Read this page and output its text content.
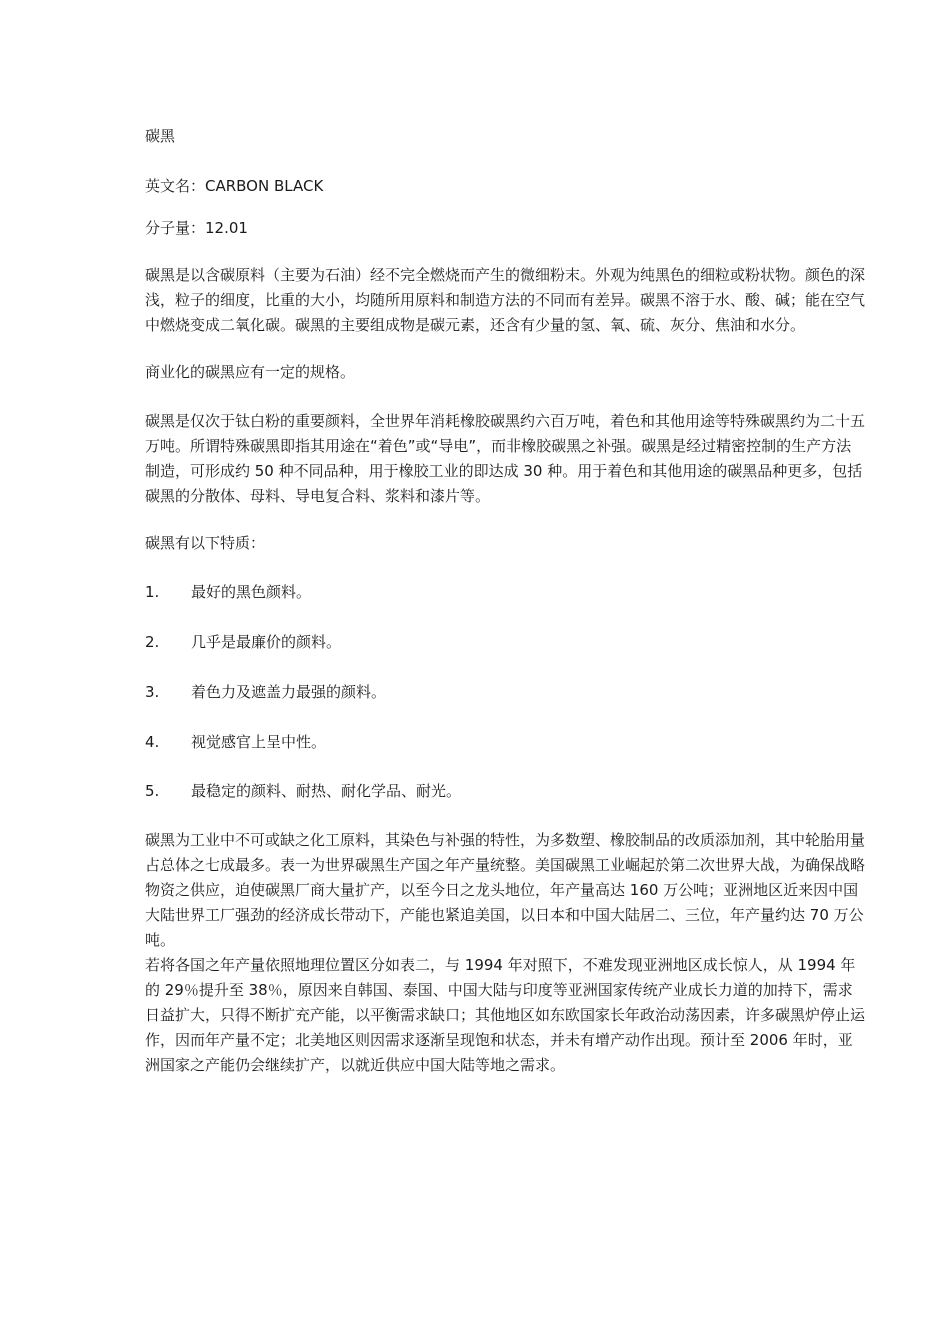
碳黑

英文名：CARBON BLACK

分子量：12.01

碳黑是以含碳原料（主要为石油）经不完全燃烧而产生的微细粉末。外观为纯黑色的细粒或粉状物。颜色的深浅，粒子的细度，比重的大小，均随所用原料和制造方法的不同而有差异。碳黑不溶于水、酸、碱；能在空气中燃烧变成二氧化碳。碳黑的主要组成物是碳元素，还含有少量的氢、氧、硫、灰分、焦油和水分。

商业化的碳黑应有一定的规格。

碳黑是仅次于钛白粉的重要颜料，全世界年消耗橡胶碳黑约六百万吨，着色和其他用途等特殊碳黑约为二十五万吨。所谓特殊碳黑即指其用途在“着色”或“导电”，而非橡胶碳黑之补强。碳黑是经过精密控制的生产方法制造，可形成约 50 种不同品种，用于橡胶工业的即达成 30 种。用于着色和其他用途的碳黑品种更多，包括碳黑的分散体、母料、导电复合料、浆料和漆片等。

碳黑有以下特质：

1.	最好的黑色颜料。
2.	几乎是最廉价的颜料。
3.	着色力及遮盖力最强的颜料。
4.	视觉感官上呈中性。
5.	最稳定的颜料、耐热、耐化学品、耐光。

碳黑为工业中不可或缺之化工原料，其染色与补强的特性，为多数塑、橡胶制品的改质添加剂，其中轮胎用量占总体之七成最多。表一为世界碳黑生产国之年产量统整。美国碳黑工业崛起於第二次世界大战，为确保战略物资之供应，迫使碳黑厂商大量扩产，以至今日之龙头地位，年产量高达 160 万公吨；亚洲地区近来因中国大陆世界工厂强劲的经济成长带动下，产能也紧追美国，以日本和中国大陆居二、三位，年产量约达 70 万公吨。

若将各国之年产量依照地理位置区分如表二，与 1994 年对照下，不难发现亚洲地区成长惊人，从 1994 年的 29％提升至 38％，原因来自韩国、泰国、中国大陆与印度等亚洲国家传统产业成长力道的加持下，需求日益扩大，只得不断扩充产能，以平衡需求缺口；其他地区如东欧国家长年政治动荡因素，许多碳黑炉停止运作，因而年产量不定；北美地区则因需求逐渐呈现饱和状态，并未有增产动作出现。预计至 2006 年时，亚洲国家之产能仍会继续扩产，以就近供应中国大陆等地之需求。
